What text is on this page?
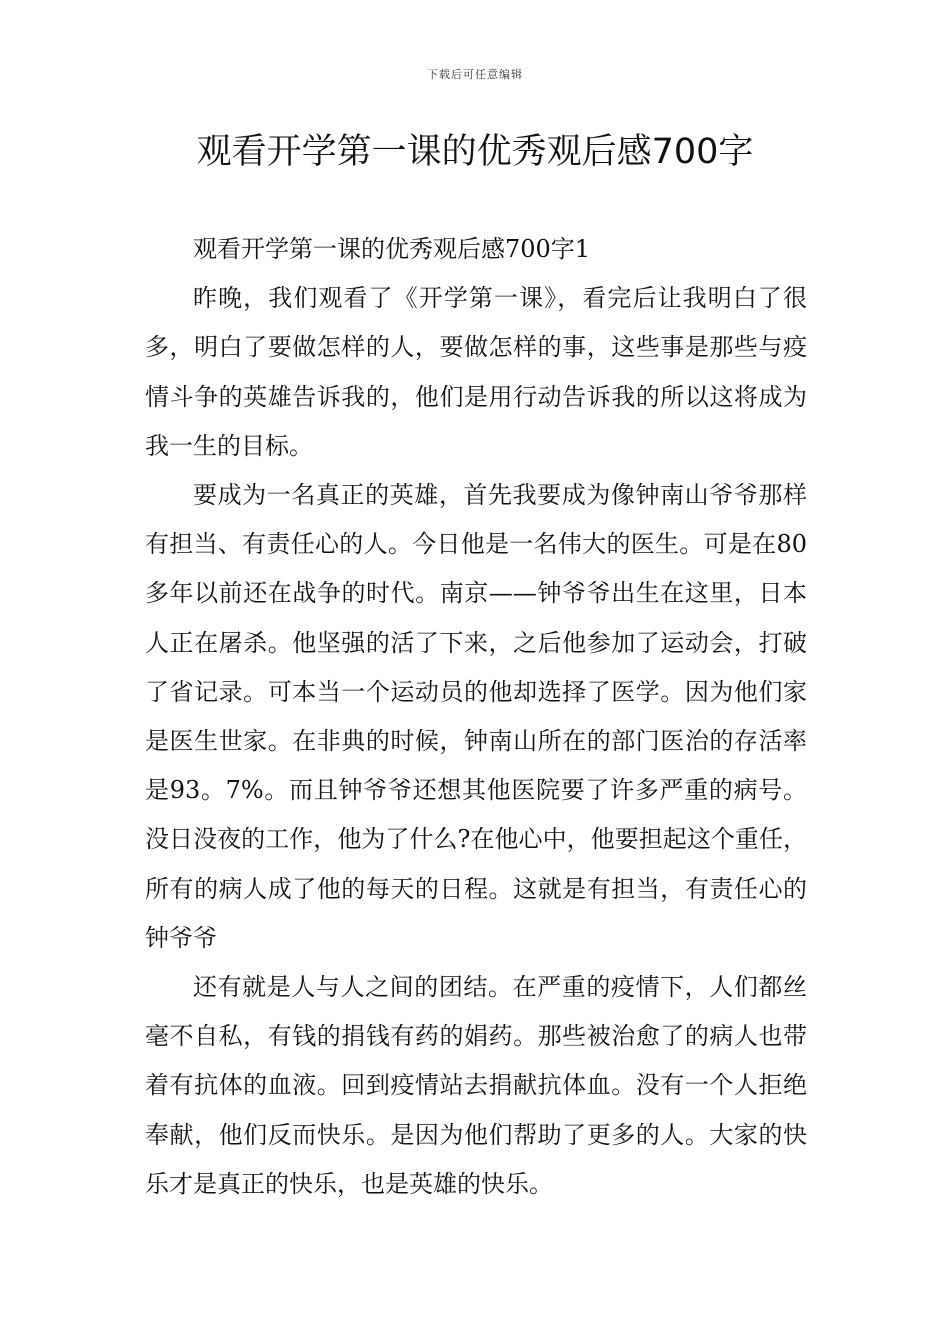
下载后可任意编辑
观看开学第一课的优秀观后感700字

观看开学第一课的优秀观后感700字1

昨晚，我们观看了《开学第一课》，看完后让我明白了很多，明白了要做怎样的人，要做怎样的事，这些事是那些与疫情斗争的英雄告诉我的，他们是用行动告诉我的所以这将成为我一生的目标。

要成为一名真正的英雄，首先我要成为像钟南山爷爷那样有担当、有责任心的人。今日他是一名伟大的医生。可是在80多年以前还在战争的时代。南京——钟爷爷出生在这里，日本人正在屠杀。他坚强的活了下来，之后他参加了运动会，打破了省记录。可本当一个运动员的他却选择了医学。因为他们家是医生世家。在非典的时候，钟南山所在的部门医治的存活率是93。7%。而且钟爷爷还想其他医院要了许多严重的病号。没日没夜的工作，他为了什么?在他心中，他要担起这个重任，所有的病人成了他的每天的日程。这就是有担当，有责任心的钟爷爷

还有就是人与人之间的团结。在严重的疫情下，人们都丝毫不自私，有钱的捐钱有药的娟药。那些被治愈了的病人也带着有抗体的血液。回到疫情站去捐献抗体血。没有一个人拒绝奉献，他们反而快乐。是因为他们帮助了更多的人。大家的快乐才是真正的快乐，也是英雄的快乐。
